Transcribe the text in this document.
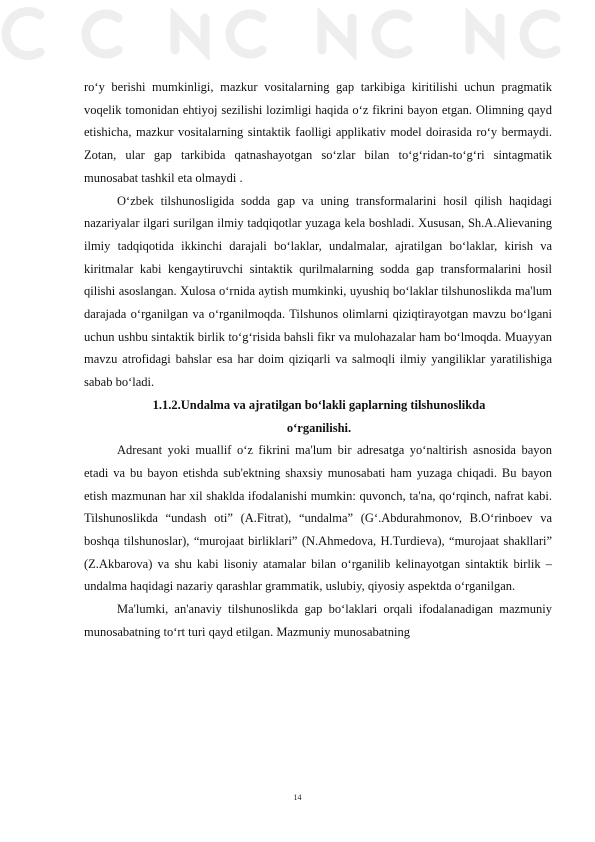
ro‘y berishi mumkinligi, mazkur vositalarning gap tarkibiga kiritilishi uchun pragmatik voqelik tomonidan ehtiyoj sezilishi lozimligi haqida o‘z fikrini bayon etgan. Olimning qayd etishicha, mazkur vositalarning sintaktik faolligi applikativ model doirasida ro‘y bermaydi. Zotan, ular gap tarkibida qatnashayotgan so‘zlar bilan to‘g‘ridan-to‘g‘ri sintagmatik munosabat tashkil eta olmaydi .

O‘zbek tilshunosligida sodda gap va uning transformalarini hosil qilish haqidagi nazariyalar ilgari surilgan ilmiy tadqiqotlar yuzaga kela boshladi. Xususan, Sh.A.Alievaning ilmiy tadqiqotida ikkinchi darajali bo‘laklar, undalmalar, ajratilgan bo‘laklar, kirish va kiritmalar kabi kengaytiruvchi sintaktik qurilmalarning sodda gap transformalarini hosil qilishi asoslangan. Xulosa o‘rnida aytish mumkinki, uyushiq bo‘laklar tilshunoslikda ma'lum darajada o‘rganilgan va o‘rganilmoqda. Tilshunos olimlarni qiziqtirayotgan mavzu bo‘lgani uchun ushbu sintaktik birlik to‘g‘risida bahsli fikr va mulohazalar ham bo‘lmoqda. Muayyan mavzu atrofidagi bahslar esa har doim qiziqarli va salmoqli ilmiy yangiliklar yaratilishiga sabab bo‘ladi.

1.1.2.Undalma va ajratilgan bo‘lakli gaplarning tilshunoslikda
o‘rganilishi.

Adresant yoki muallif o‘z fikrini ma'lum bir adresatga yo‘naltirish asnosida bayon etadi va bu bayon etishda sub'ektning shaxsiy munosabati ham yuzaga chiqadi. Bu bayon etish mazmunan har xil shaklda ifodalanishi mumkin: quvonch, ta'na, qo‘rqinch, nafrat kabi. Tilshunoslikda “undash oti” (A.Fitrat), “undalma” (G‘.Abdurahmonov, B.O‘rinboev va boshqa tilshunoslar), “murojaat birliklari” (N.Ahmedova, H.Turdieva), “murojaat shakllari” (Z.Akbarova) va shu kabi lisoniy atamalar bilan o‘rganilib kelinayotgan sintaktik birlik – undalma haqidagi nazariy qarashlar grammatik, uslubiy, qiyosiy aspektda o‘rganilgan.

Ma'lumki, an'anaviy tilshunoslikda gap bo‘laklari orqali ifodalanadigan mazmuniy munosabatning to‘rt turi qayd etilgan. Mazmuniy munosabatning

14
